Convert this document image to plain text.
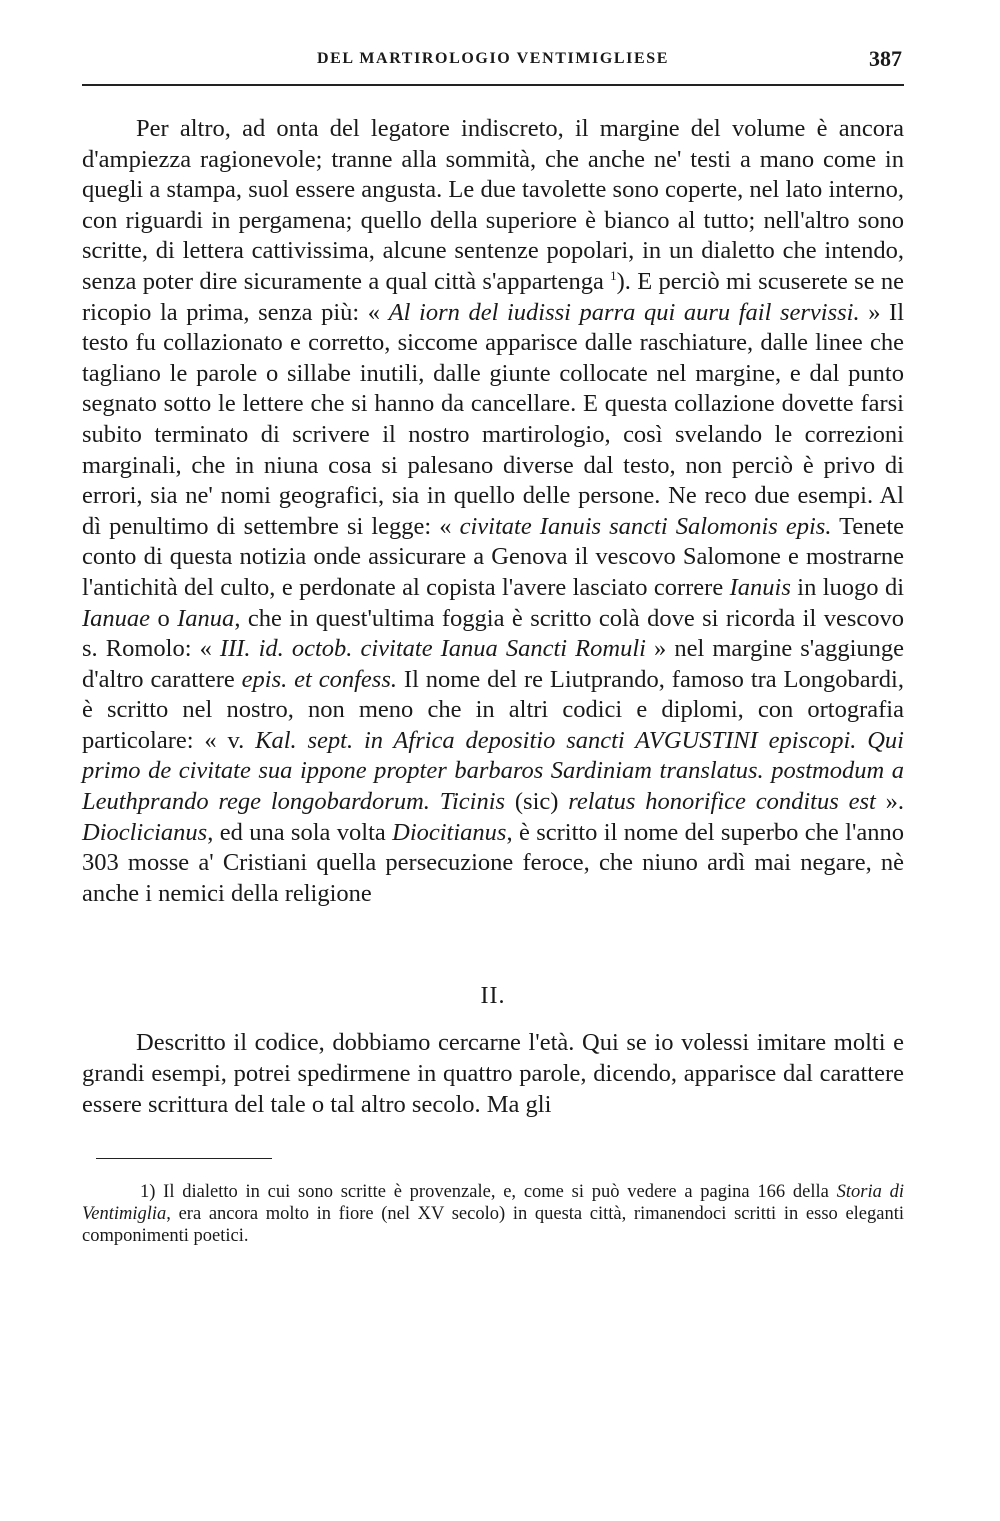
DEL MARTIROLOGIO VENTIMIGLIESE	387

Per altro, ad onta del legatore indiscreto, il margine del volume è ancora d'ampiezza ragionevole; tranne alla sommità, che anche ne' testi a mano come in quegli a stampa, suol essere angusta. Le due tavolette sono coperte, nel lato interno, con riguardi in pergamena; quello della superiore è bianco al tutto; nell'altro sono scritte, di lettera cattivissima, alcune sentenze popolari, in un dialetto che intendo, senza poter dire sicuramente a qual città s'appartenga $^1$). E perciò mi scuserete se ne ricopio la prima, senza più: « Al iorn del iudissi parra qui auru fail servissi. » Il testo fu collazionato e corretto, siccome apparisce dalle raschiature, dalle linee che tagliano le parole o sillabe inutili, dalle giunte collocate nel margine, e dal punto segnato sotto le lettere che si hanno da cancellare. E questa collazione dovette farsi subito terminato di scrivere il nostro martirologio, così svelando le correzioni marginali, che in niuna cosa si palesano diverse dal testo, non perciò è privo di errori, sia ne' nomi geografici, sia in quello delle persone. Ne reco due esempi. Al dì penultimo di settembre si legge: « civitate Ianuis sancti Salomonis epis. Tenete conto di questa notizia onde assicurare a Genova il vescovo Salomone e mostrarne l'antichità del culto, e perdonate al copista l'avere lasciato correre Ianuis in luogo di Ianuae o Ianua, che in quest'ultima foggia è scritto colà dove si ricorda il vescovo s. Romolo: « III. id. octob. civitate Ianua Sancti Romuli » nel margine s'aggiunge d'altro carattere epis. et confess. Il nome del re Liutprando, famoso tra Longobardi, è scritto nel nostro, non meno che in altri codici e diplomi, con ortografia particolare: « v. Kal. sept. in Africa depositio sancti AVGUSTINI episcopi. Qui primo de civitate sua ippone propter barbaros Sardiniam translatus. postmodum a Leuthprando rege longobardorum. Ticinis (sic) relatus honorifice conditus est ». Dioclicianus, ed una sola volta Diocitianus, è scritto il nome del superbo che l'anno 303 mosse a' Cristiani quella persecuzione feroce, che niuno ardì mai negare, nè anche i nemici della religione

II.

Descritto il codice, dobbiamo cercarne l'età. Qui se io volessi imitare molti e grandi esempi, potrei spedirmene in quattro parole, dicendo, apparisce dal carattere essere scrittura del tale o tal altro secolo. Ma gli

1) Il dialetto in cui sono scritte è provenzale, e, come si può vedere a pagina 166 della Storia di Ventimiglia, era ancora molto in fiore (nel XV secolo) in questa città, rimanendoci scritti in esso eleganti componimenti poetici.
